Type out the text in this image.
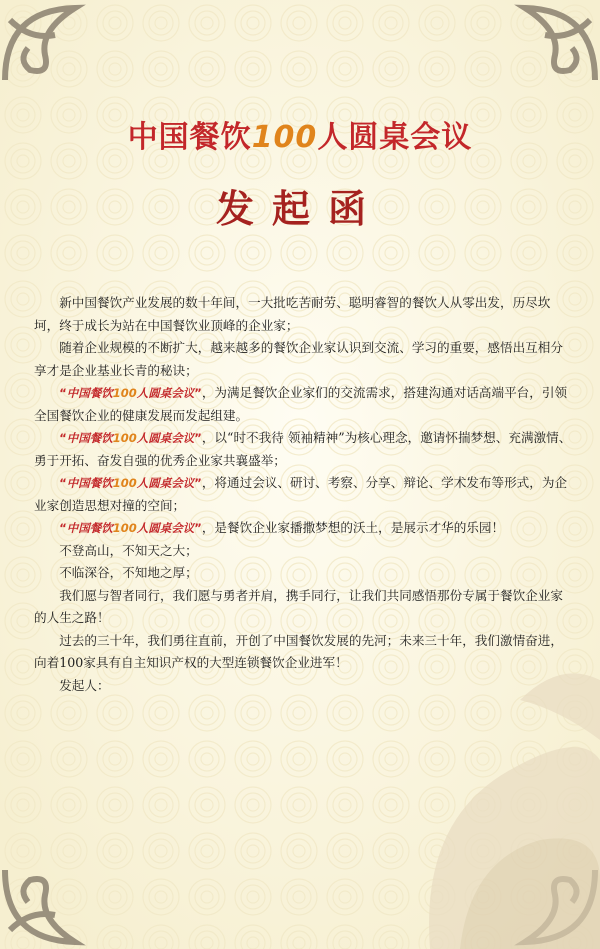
中国餐饮100人圆桌会议
发起函

新中国餐饮产业发展的数十年间，一大批吃苦耐劳、聪明睿智的餐饮人从零出发，历尽坎坷，终于成长为站在中国餐饮业顶峰的企业家；

随着企业规模的不断扩大，越来越多的餐饮企业家认识到交流、学习的重要，感悟出互相分享才是企业基业长青的秘诀；

“中国餐饮100人圆桌会议”，为满足餐饮企业家们的交流需求，搭建沟通对话高端平台，引领全国餐饮企业的健康发展而发起组建。

“中国餐饮100人圆桌会议”，以“时不我待 领袖精神”为核心理念，邀请怀揣梦想、充满激情、勇于开拓、奋发自强的优秀企业家共襄盛举；

“中国餐饮100人圆桌会议”，将通过会议、研讨、考察、分享、辩论、学术发布等形式，为企业家创造思想对撞的空间；

“中国餐饮100人圆桌会议”，是餐饮企业家播撒梦想的沃土，是展示才华的乐园！

不登高山，不知天之大；

不临深谷，不知地之厚；

我们愿与智者同行，我们愿与勇者并肩，携手同行，让我们共同感悟那份专属于餐饮企业家的人生之路！

过去的三十年，我们勇往直前，开创了中国餐饮发展的先河；未来三十年，我们激情奋进，向着100家具有自主知识产权的大型连锁餐饮企业进军！

发起人：
